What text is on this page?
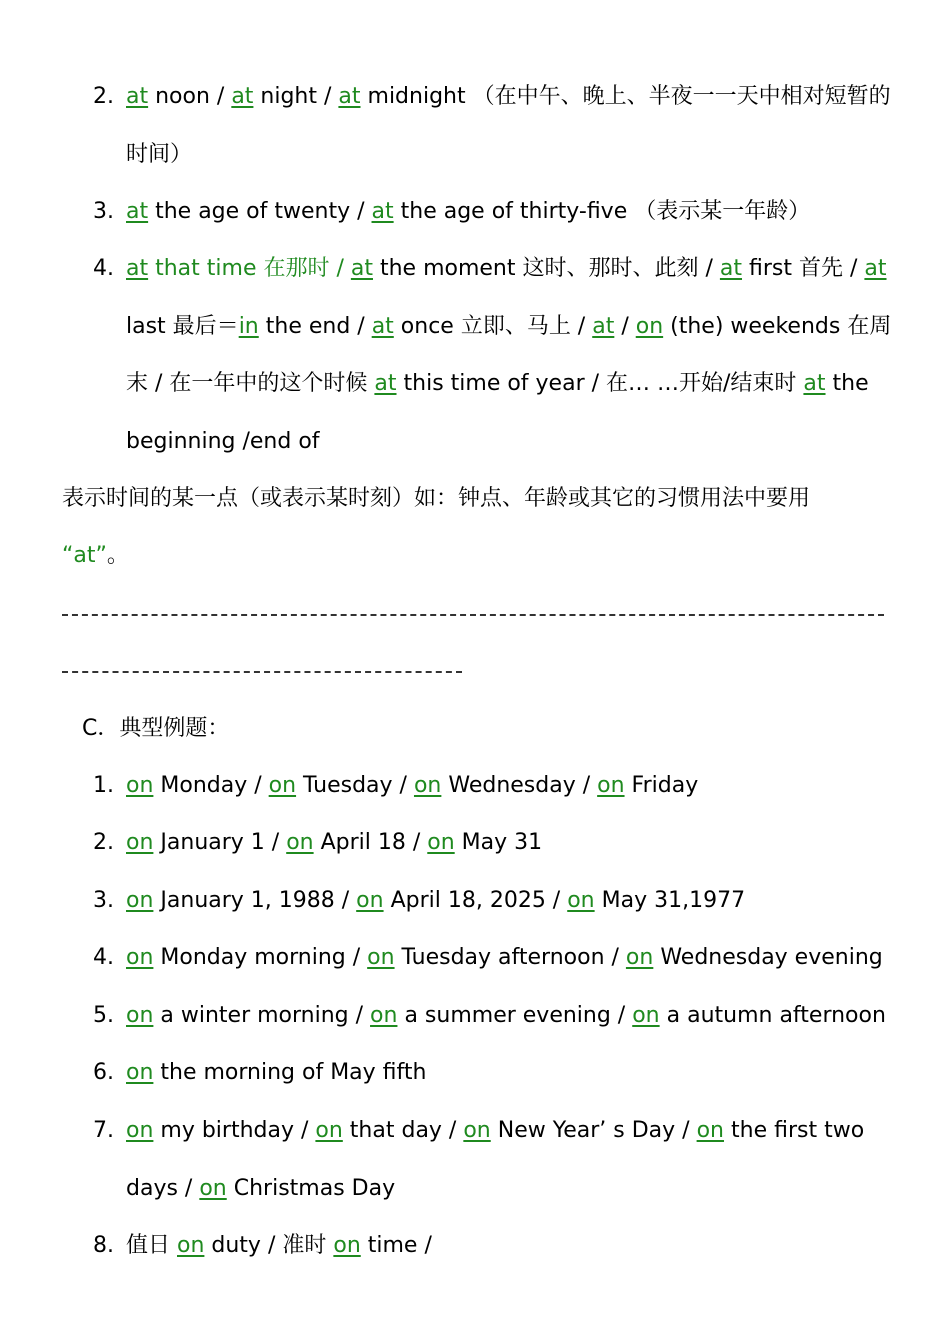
表示时间的某一点（或表示某时刻）如：钟点、年龄或其它的习惯用法中要用
“at”。
C．典型例题：
2. at noon / at night / at midnight （在中午、晚上、半夜一一天中相对短暂的
时间）
3. at the age of twenty / at the age of thirty-five （表示某一年龄）
4. at that time 在那时 / at the moment 这时、那时、此刻 / at first 首先 / at
last 最后＝in the end / at once 立即、马上 / at / on (the) weekends 在周
末 / 在一年中的这个时候 at this time of year / 在… …开始/结束时 at the
beginning /end of
1. on Monday / on Tuesday / on Wednesday / on Friday
2. on January 1 / on April 18 / on May 31
3. on January 1, 1988 / on April 18, 2025 / on May 31,1977
4. on Monday morning / on Tuesday afternoon / on Wednesday evening
5. on a winter morning / on a summer evening / on a autumn afternoon
6. on the morning of May fifth
7. on my birthday / on that day / on New Year’ s Day / on the first two
days / on Christmas Day
8. 值日 on duty / 准时 on time /
